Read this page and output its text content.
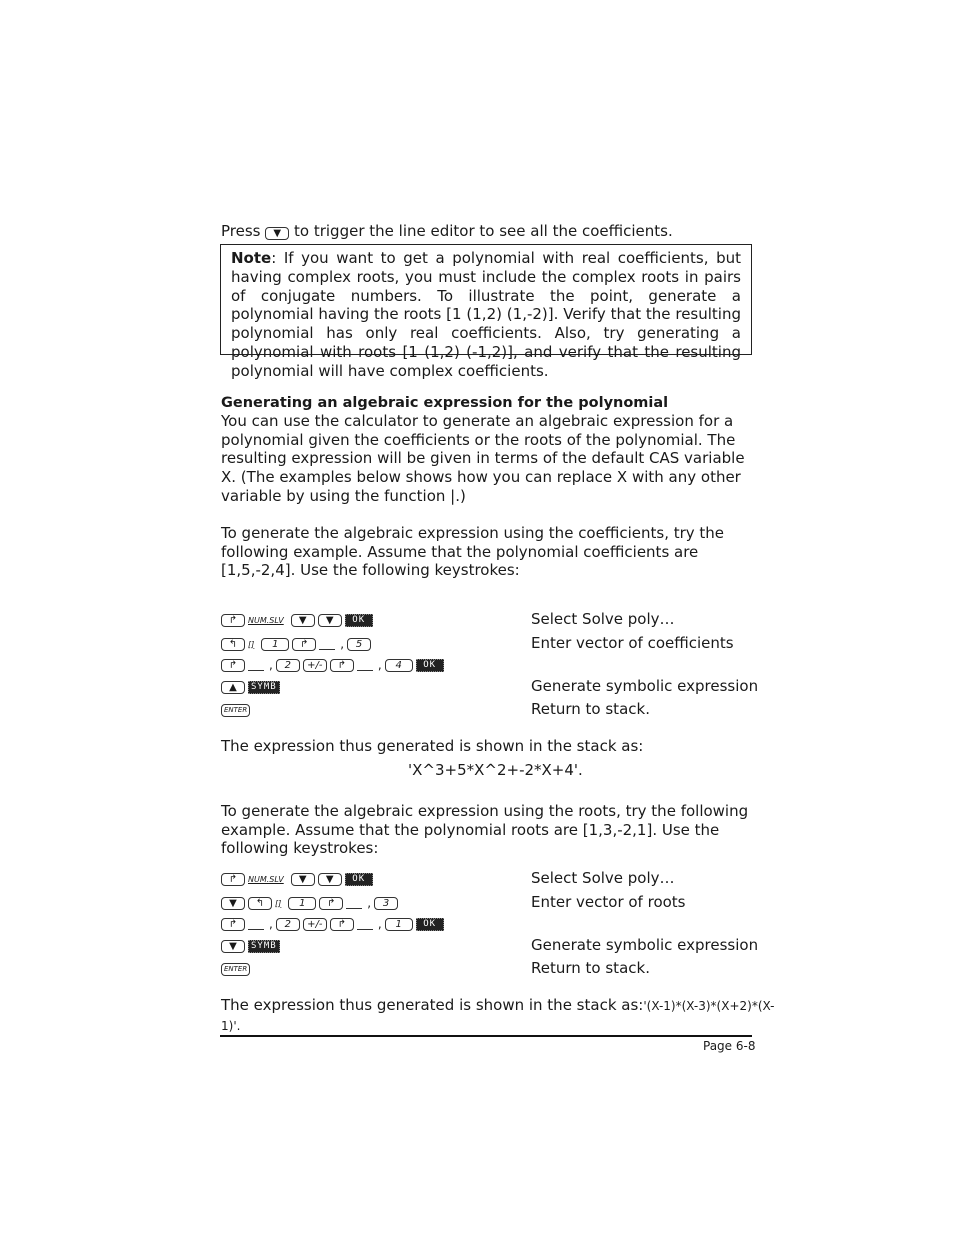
Press ▼ to trigger the line editor to see all the coefficients.
Note: If you want to get a polynomial with real coefficients, but having complex roots, you must include the complex roots in pairs of conjugate numbers. To illustrate the point, generate a polynomial having the roots [1 (1,2) (1,-2)]. Verify that the resulting polynomial has only real coefficients. Also, try generating a polynomial with roots [1 (1,2) (-1,2)], and verify that the resulting polynomial will have complex coefficients.
Generating an algebraic expression for the polynomial
You can use the calculator to generate an algebraic expression for a polynomial given the coefficients or the roots of the polynomial. The resulting expression will be given in terms of the default CAS variable X. (The examples below shows how you can replace X with any other variable by using the function |.)
To generate the algebraic expression using the coefficients, try the following example. Assume that the polynomial coefficients are [1,5,-2,4]. Use the following keystrokes:
↱	NUM.SLV	▼	▼	OK	Select Solve poly…
↰	[]	1	↱	,	5	Enter vector of coefficients
↱	,	2	+/-	↱	,	4	OK
▲	SYMB	Generate symbolic expression
ENTER	Return to stack.
The expression thus generated is shown in the stack as:
'X^3+5*X^2+-2*X+4'.
To generate the algebraic expression using the roots, try the following example. Assume that the polynomial roots are [1,3,-2,1]. Use the following keystrokes:
↱	NUM.SLV	▼	▼	OK	Select Solve poly…
▼	↰	[]	1	↱	,	3	Enter vector of roots
↱	,	2	+/-	↱	,	1	OK
▼	SYMB	Generate symbolic expression
ENTER	Return to stack.
The expression thus generated is shown in the stack as:'(X-1)*(X-3)*(X+2)*(X-1)'.
Page 6-8
